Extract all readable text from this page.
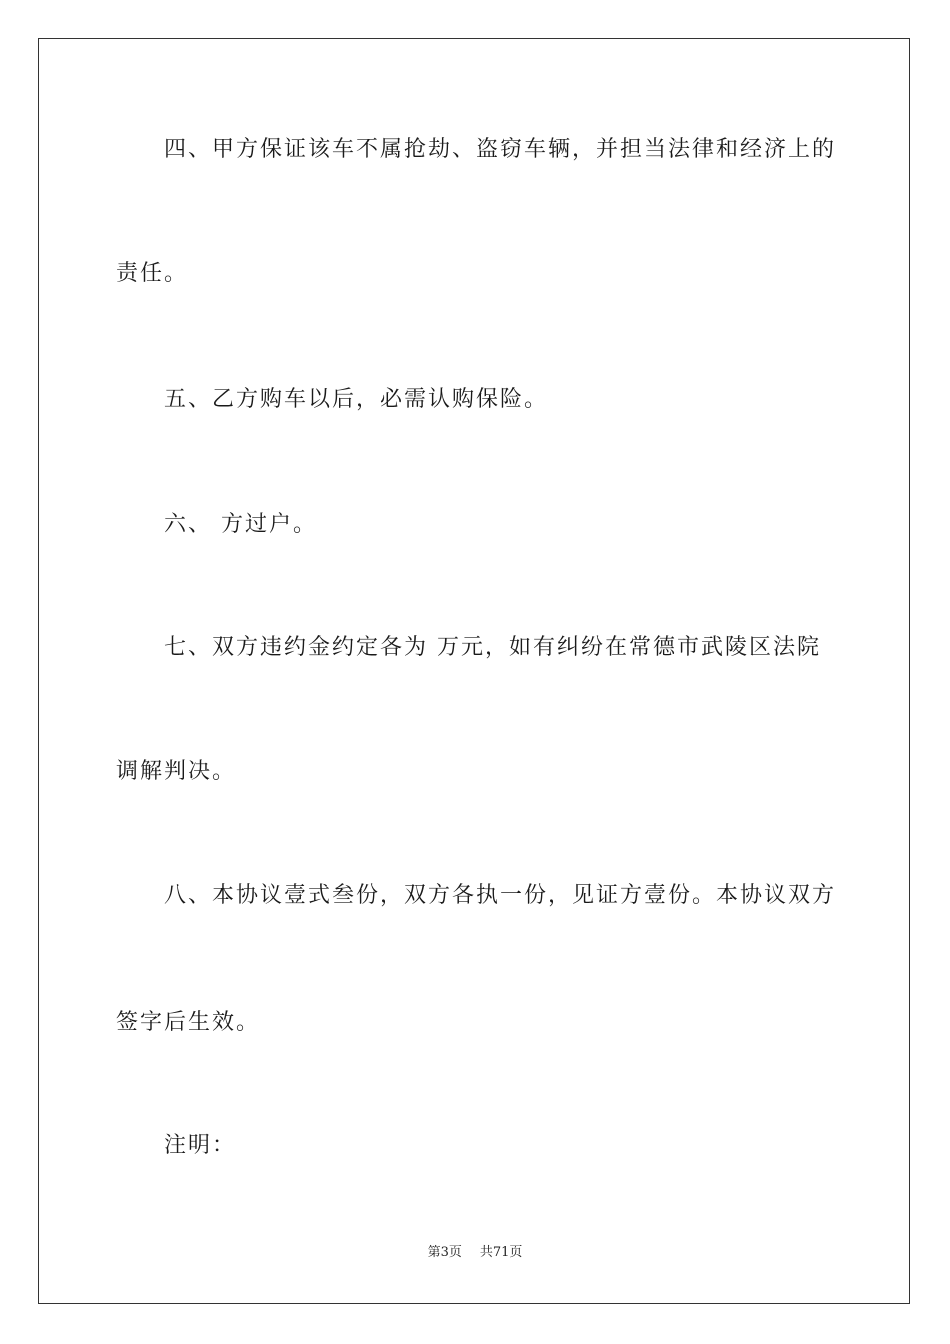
四、甲方保证该车不属抢劫、盗窃车辆，并担当法律和经济上的
责任。
五、乙方购车以后，必需认购保险。
六、 方过户。
七、双方违约金约定各为 万元，如有纠纷在常德市武陵区法院
调解判决。
八、本协议壹式叁份，双方各执一份，见证方壹份。本协议双方
签字后生效。
注明：
第3页 共71页
